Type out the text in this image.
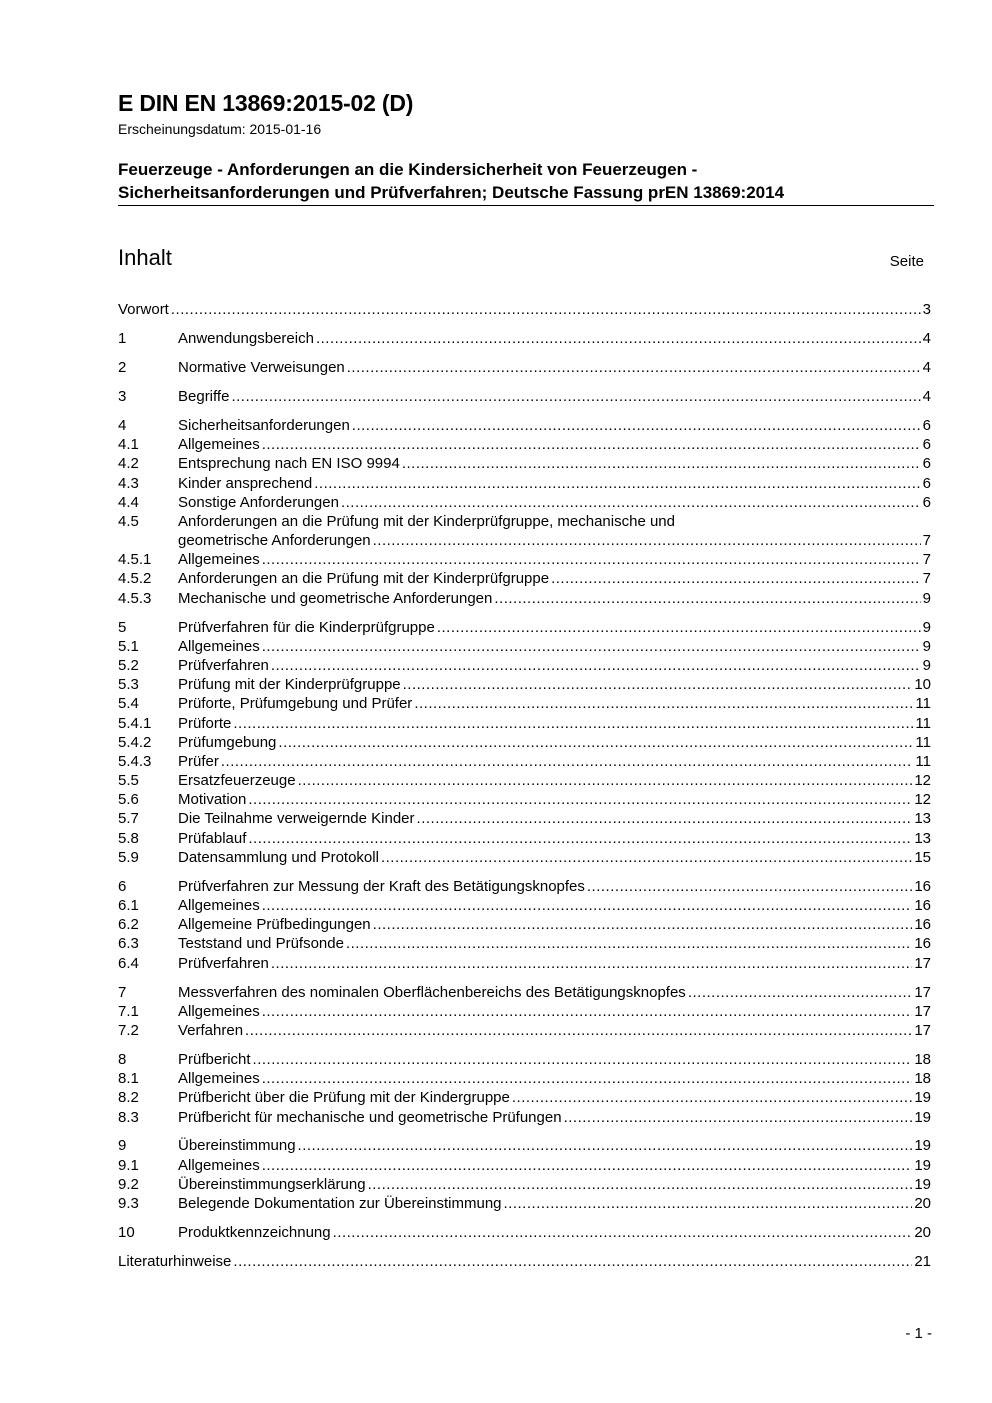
E DIN EN 13869:2015-02 (D)
Erscheinungsdatum: 2015-01-16
Feuerzeuge - Anforderungen an die Kindersicherheit von Feuerzeugen -
Sicherheitsanforderungen und Prüfverfahren; Deutsche Fassung prEN 13869:2014
Inhalt	Seite
Vorwort .....	3
1	Anwendungsbereich .....	4
2	Normative Verweisungen .....	4
3	Begriffe .....	4
4	Sicherheitsanforderungen .....	6
4.1	Allgemeines .....	6
4.2	Entsprechung nach EN ISO 9994 .....	6
4.3	Kinder ansprechend .....	6
4.4	Sonstige Anforderungen .....	6
4.5	Anforderungen an die Prüfung mit der Kinderprüfgruppe, mechanische und
geometrische Anforderungen .....	7
4.5.1	Allgemeines .....	7
4.5.2	Anforderungen an die Prüfung mit der Kinderprüfgruppe .....	7
4.5.3	Mechanische und geometrische Anforderungen .....	9
5	Prüfverfahren für die Kinderprüfgruppe .....	9
5.1	Allgemeines .....	9
5.2	Prüfverfahren .....	9
5.3	Prüfung mit der Kinderprüfgruppe .....	10
5.4	Prüforte, Prüfumgebung und Prüfer .....	11
5.4.1	Prüforte .....	11
5.4.2	Prüfumgebung .....	11
5.4.3	Prüfer .....	11
5.5	Ersatzfeuerzeuge .....	12
5.6	Motivation .....	12
5.7	Die Teilnahme verweigernde Kinder .....	13
5.8	Prüfablauf .....	13
5.9	Datensammlung und Protokoll .....	15
6	Prüfverfahren zur Messung der Kraft des Betätigungsknopfes .....	16
6.1	Allgemeines .....	16
6.2	Allgemeine Prüfbedingungen .....	16
6.3	Teststand und Prüfsonde .....	16
6.4	Prüfverfahren .....	17
7	Messverfahren des nominalen Oberflächenbereichs des Betätigungsknopfes .....	17
7.1	Allgemeines .....	17
7.2	Verfahren .....	17
8	Prüfbericht .....	18
8.1	Allgemeines .....	18
8.2	Prüfbericht über die Prüfung mit der Kindergruppe .....	19
8.3	Prüfbericht für mechanische und geometrische Prüfungen .....	19
9	Übereinstimmung .....	19
9.1	Allgemeines .....	19
9.2	Übereinstimmungserklärung .....	19
9.3	Belegende Dokumentation zur Übereinstimmung .....	20
10	Produktkennzeichnung .....	20
Literaturhinweise .....	21
- 1 -
